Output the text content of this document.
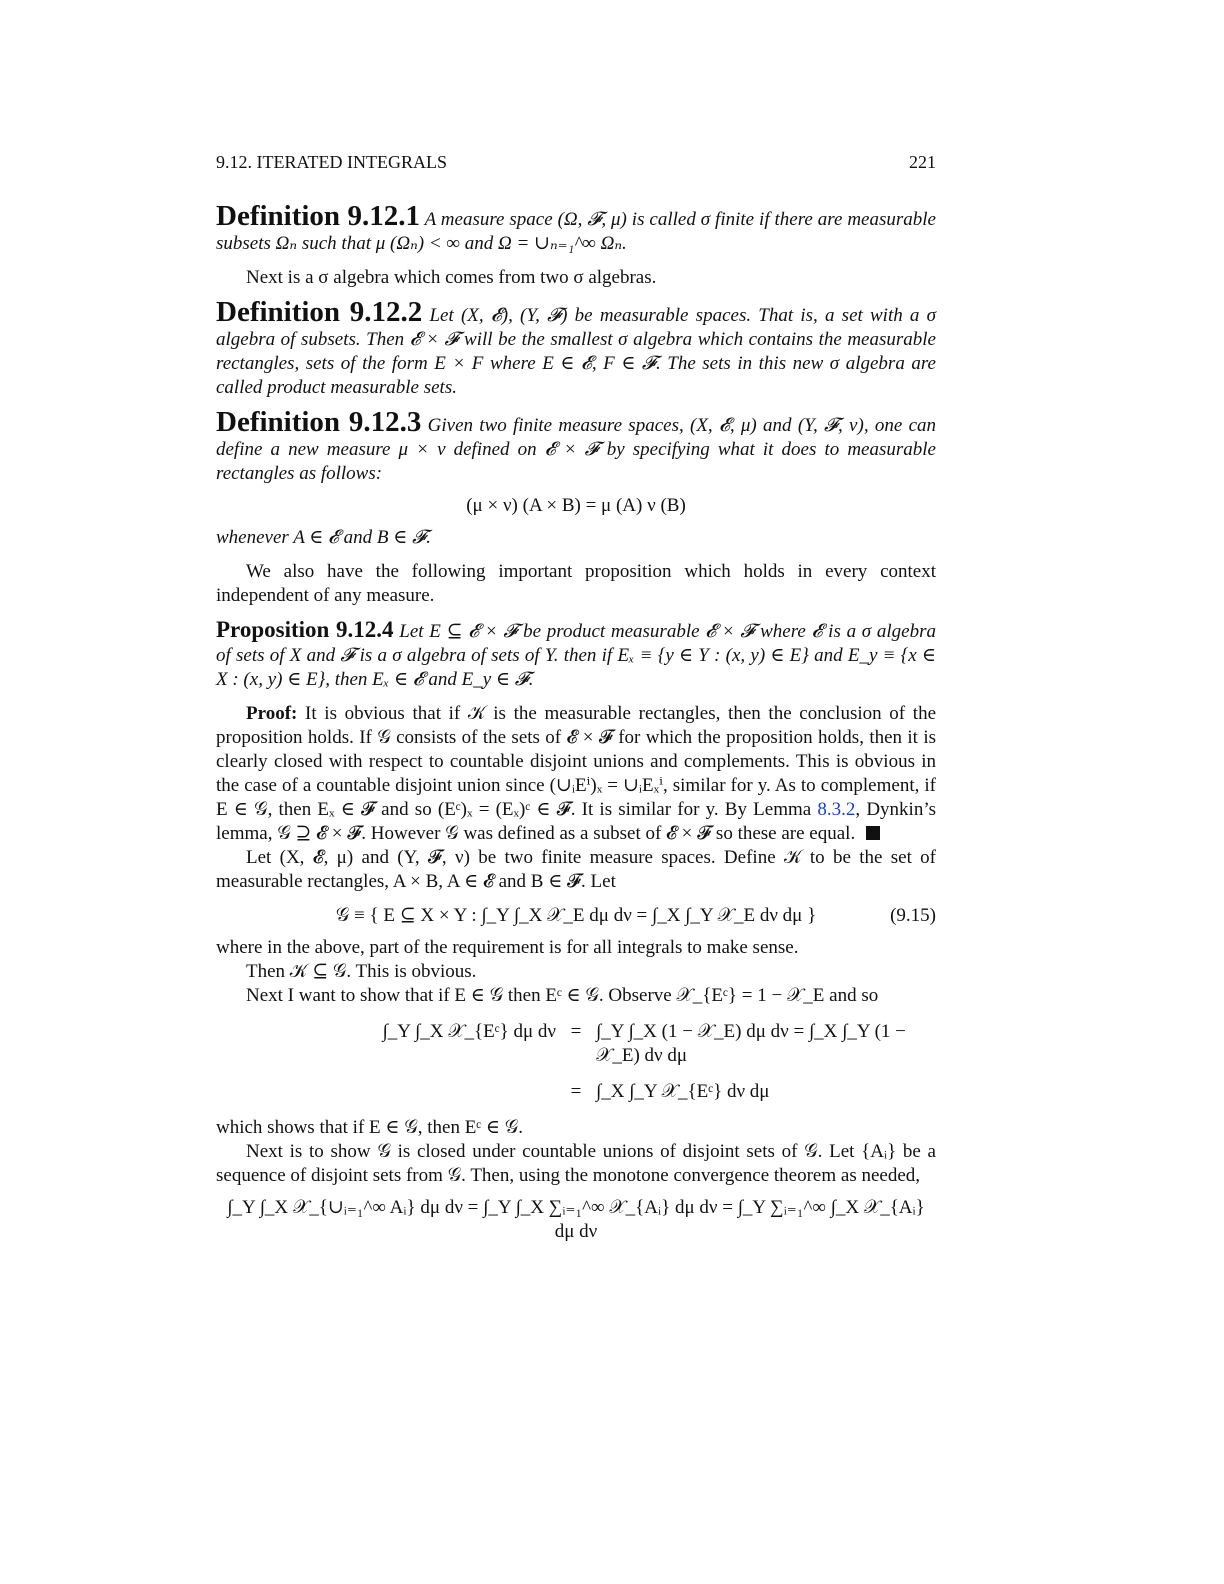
9.12. ITERATED INTEGRALS	221
Definition 9.12.1 A measure space (Ω, 𝓕, μ) is called σ finite if there are measurable subsets Ωₙ such that μ (Ωₙ) < ∞ and Ω = ∪ₙ₌₁^∞ Ωₙ.

Next is a σ algebra which comes from two σ algebras.

Definition 9.12.2 Let (X, 𝓔), (Y, 𝓕) be measurable spaces. That is, a set with a σ algebra of subsets. Then 𝓔 × 𝓕 will be the smallest σ algebra which contains the measurable rectangles, sets of the form E × F where E ∈ 𝓔, F ∈ 𝓕. The sets in this new σ algebra are called product measurable sets.
Definition 9.12.3 Given two finite measure spaces, (X, 𝓔, μ) and (Y, 𝓕, ν), one can define a new measure μ × ν defined on 𝓔 × 𝓕 by specifying what it does to measurable rectangles as follows:
(μ × ν) (A × B) = μ (A) ν (B)
whenever A ∈ 𝓔 and B ∈ 𝓕.

We also have the following important proposition which holds in every context independent of any measure.

Proposition 9.12.4 Let E ⊆ 𝓔 × 𝓕 be product measurable 𝓔 × 𝓕 where 𝓔 is a σ algebra of sets of X and 𝓕 is a σ algebra of sets of Y. then if Eₓ ≡ {y ∈ Y : (x, y) ∈ E} and E_y ≡ {x ∈ X : (x, y) ∈ E}, then Eₓ ∈ 𝓔 and E_y ∈ 𝓕.
Proof: It is obvious that if 𝒦 is the measurable rectangles, then the conclusion of the proposition holds. If 𝒢 consists of the sets of 𝓔 × 𝓕 for which the proposition holds, then it is clearly closed with respect to countable disjoint unions and complements. This is obvious in the case of a countable disjoint union since (∪ᵢEⁱ)ₓ = ∪ᵢEₓⁱ, similar for y. As to complement, if E ∈ 𝒢, then Eₓ ∈ 𝓕 and so (Eᶜ)ₓ = (Eₓ)ᶜ ∈ 𝓕. It is similar for y. By Lemma 8.3.2, Dynkin’s lemma, 𝒢 ⊇ 𝓔 × 𝓕. However 𝒢 was defined as a subset of 𝓔 × 𝓕 so these are equal.

Let (X, 𝓔, μ) and (Y, 𝓕, ν) be two finite measure spaces. Define 𝒦 to be the set of measurable rectangles, A × B, A ∈ 𝓔 and B ∈ 𝓕. Let

𝒢 ≡ { E ⊆ X × Y : ∫_Y ∫_X 𝒳_E dμ dν = ∫_X ∫_Y 𝒳_E dν dμ }	(9.15)

where in the above, part of the requirement is for all integrals to make sense.

Then 𝒦 ⊆ 𝒢. This is obvious.

Next I want to show that if E ∈ 𝒢 then Eᶜ ∈ 𝒢. Observe 𝒳_{Eᶜ} = 1 − 𝒳_E and so

∫_Y ∫_X 𝒳_{Eᶜ} dμ dν = ∫_Y ∫_X (1 − 𝒳_E) dμ dν = ∫_X ∫_Y (1 − 𝒳_E) dν dμ
= ∫_X ∫_Y 𝒳_{Eᶜ} dν dμ

which shows that if E ∈ 𝒢, then Eᶜ ∈ 𝒢.

Next is to show 𝒢 is closed under countable unions of disjoint sets of 𝒢. Let {Aᵢ} be a sequence of disjoint sets from 𝒢. Then, using the monotone convergence theorem as needed,

∫_Y ∫_X 𝒳_{∪ᵢ₌₁^∞ Aᵢ} dμ dν = ∫_Y ∫_X ∑ᵢ₌₁^∞ 𝒳_{Aᵢ} dμ dν = ∫_Y ∑ᵢ₌₁^∞ ∫_X 𝒳_{Aᵢ} dμ dν
